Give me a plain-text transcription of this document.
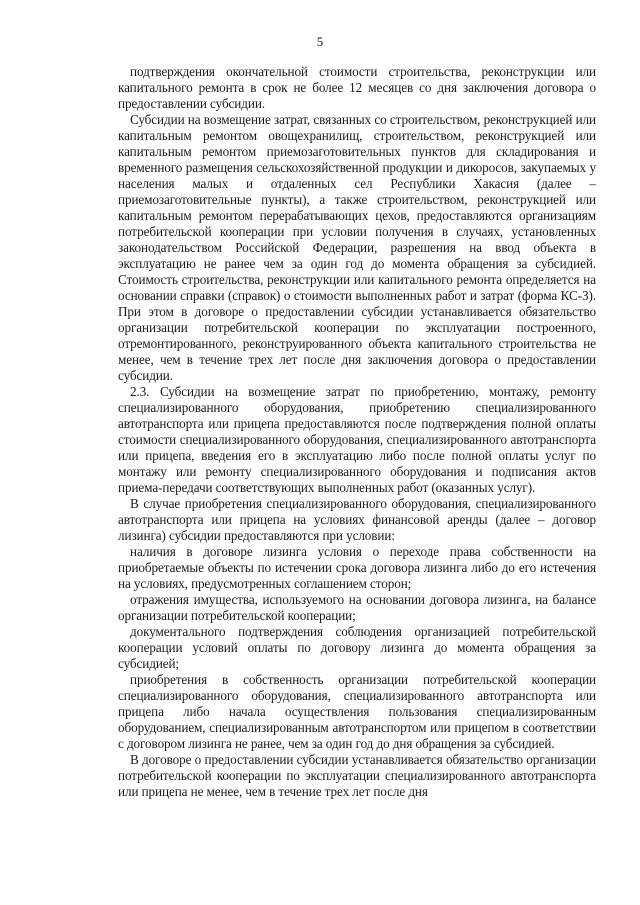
5

подтверждения окончательной стоимости строительства, реконструкции или капитального ремонта в срок не более 12 месяцев со дня заключения договора о предоставлении субсидии.

Субсидии на возмещение затрат, связанных со строительством, реконструкцией или капитальным ремонтом овощехранилищ, строительством, реконструкцией или капитальным ремонтом приемозаготовительных пунктов для складирования и временного размещения сельскохозяйственной продукции и дикоросов, закупаемых у населения малых и отдаленных сел Республики Хакасия (далее – приемозаготовительные пункты), а также строительством, реконструкцией или капитальным ремонтом перерабатывающих цехов, предоставляются организациям потребительской кооперации при условии получения в случаях, установленных законодательством Российской Федерации, разрешения на ввод объекта в эксплуатацию не ранее чем за один год до момента обращения за субсидией. Стоимость строительства, реконструкции или капитального ремонта определяется на основании справки (справок) о стоимости выполненных работ и затрат (форма КС-3). При этом в договоре о предоставлении субсидии устанавливается обязательство организации потребительской кооперации по эксплуатации построенного, отремонтированного, реконструированного объекта капитального строительства не менее, чем в течение трех лет после дня заключения договора о предоставлении субсидии.

2.3. Субсидии на возмещение затрат по приобретению, монтажу, ремонту специализированного оборудования, приобретению специализированного автотранспорта или прицепа предоставляются после подтверждения полной оплаты стоимости специализированного оборудования, специализированного автотранспорта или прицепа, введения его в эксплуатацию либо после полной оплаты услуг по монтажу или ремонту специализированного оборудования и подписания актов приема-передачи соответствующих выполненных работ (оказанных услуг).

В случае приобретения специализированного оборудования, специализированного автотранспорта или прицепа на условиях финансовой аренды (далее – договор лизинга) субсидии предоставляются при условии:

наличия в договоре лизинга условия о переходе права собственности на приобретаемые объекты по истечении срока договора лизинга либо до его истечения на условиях, предусмотренных соглашением сторон;

отражения имущества, используемого на основании договора лизинга, на балансе организации потребительской кооперации;

документального подтверждения соблюдения организацией потребительской кооперации условий оплаты по договору лизинга до момента обращения за субсидией;

приобретения в собственность организации потребительской кооперации специализированного оборудования, специализированного автотранспорта или прицепа либо начала осуществления пользования специализированным оборудованием, специализированным автотранспортом или прицепом в соответствии с договором лизинга не ранее, чем за один год до дня обращения за субсидией.

В договоре о предоставлении субсидии устанавливается обязательство организации потребительской кооперации по эксплуатации специализированного автотранспорта или прицепа не менее, чем в течение трех лет после дня
